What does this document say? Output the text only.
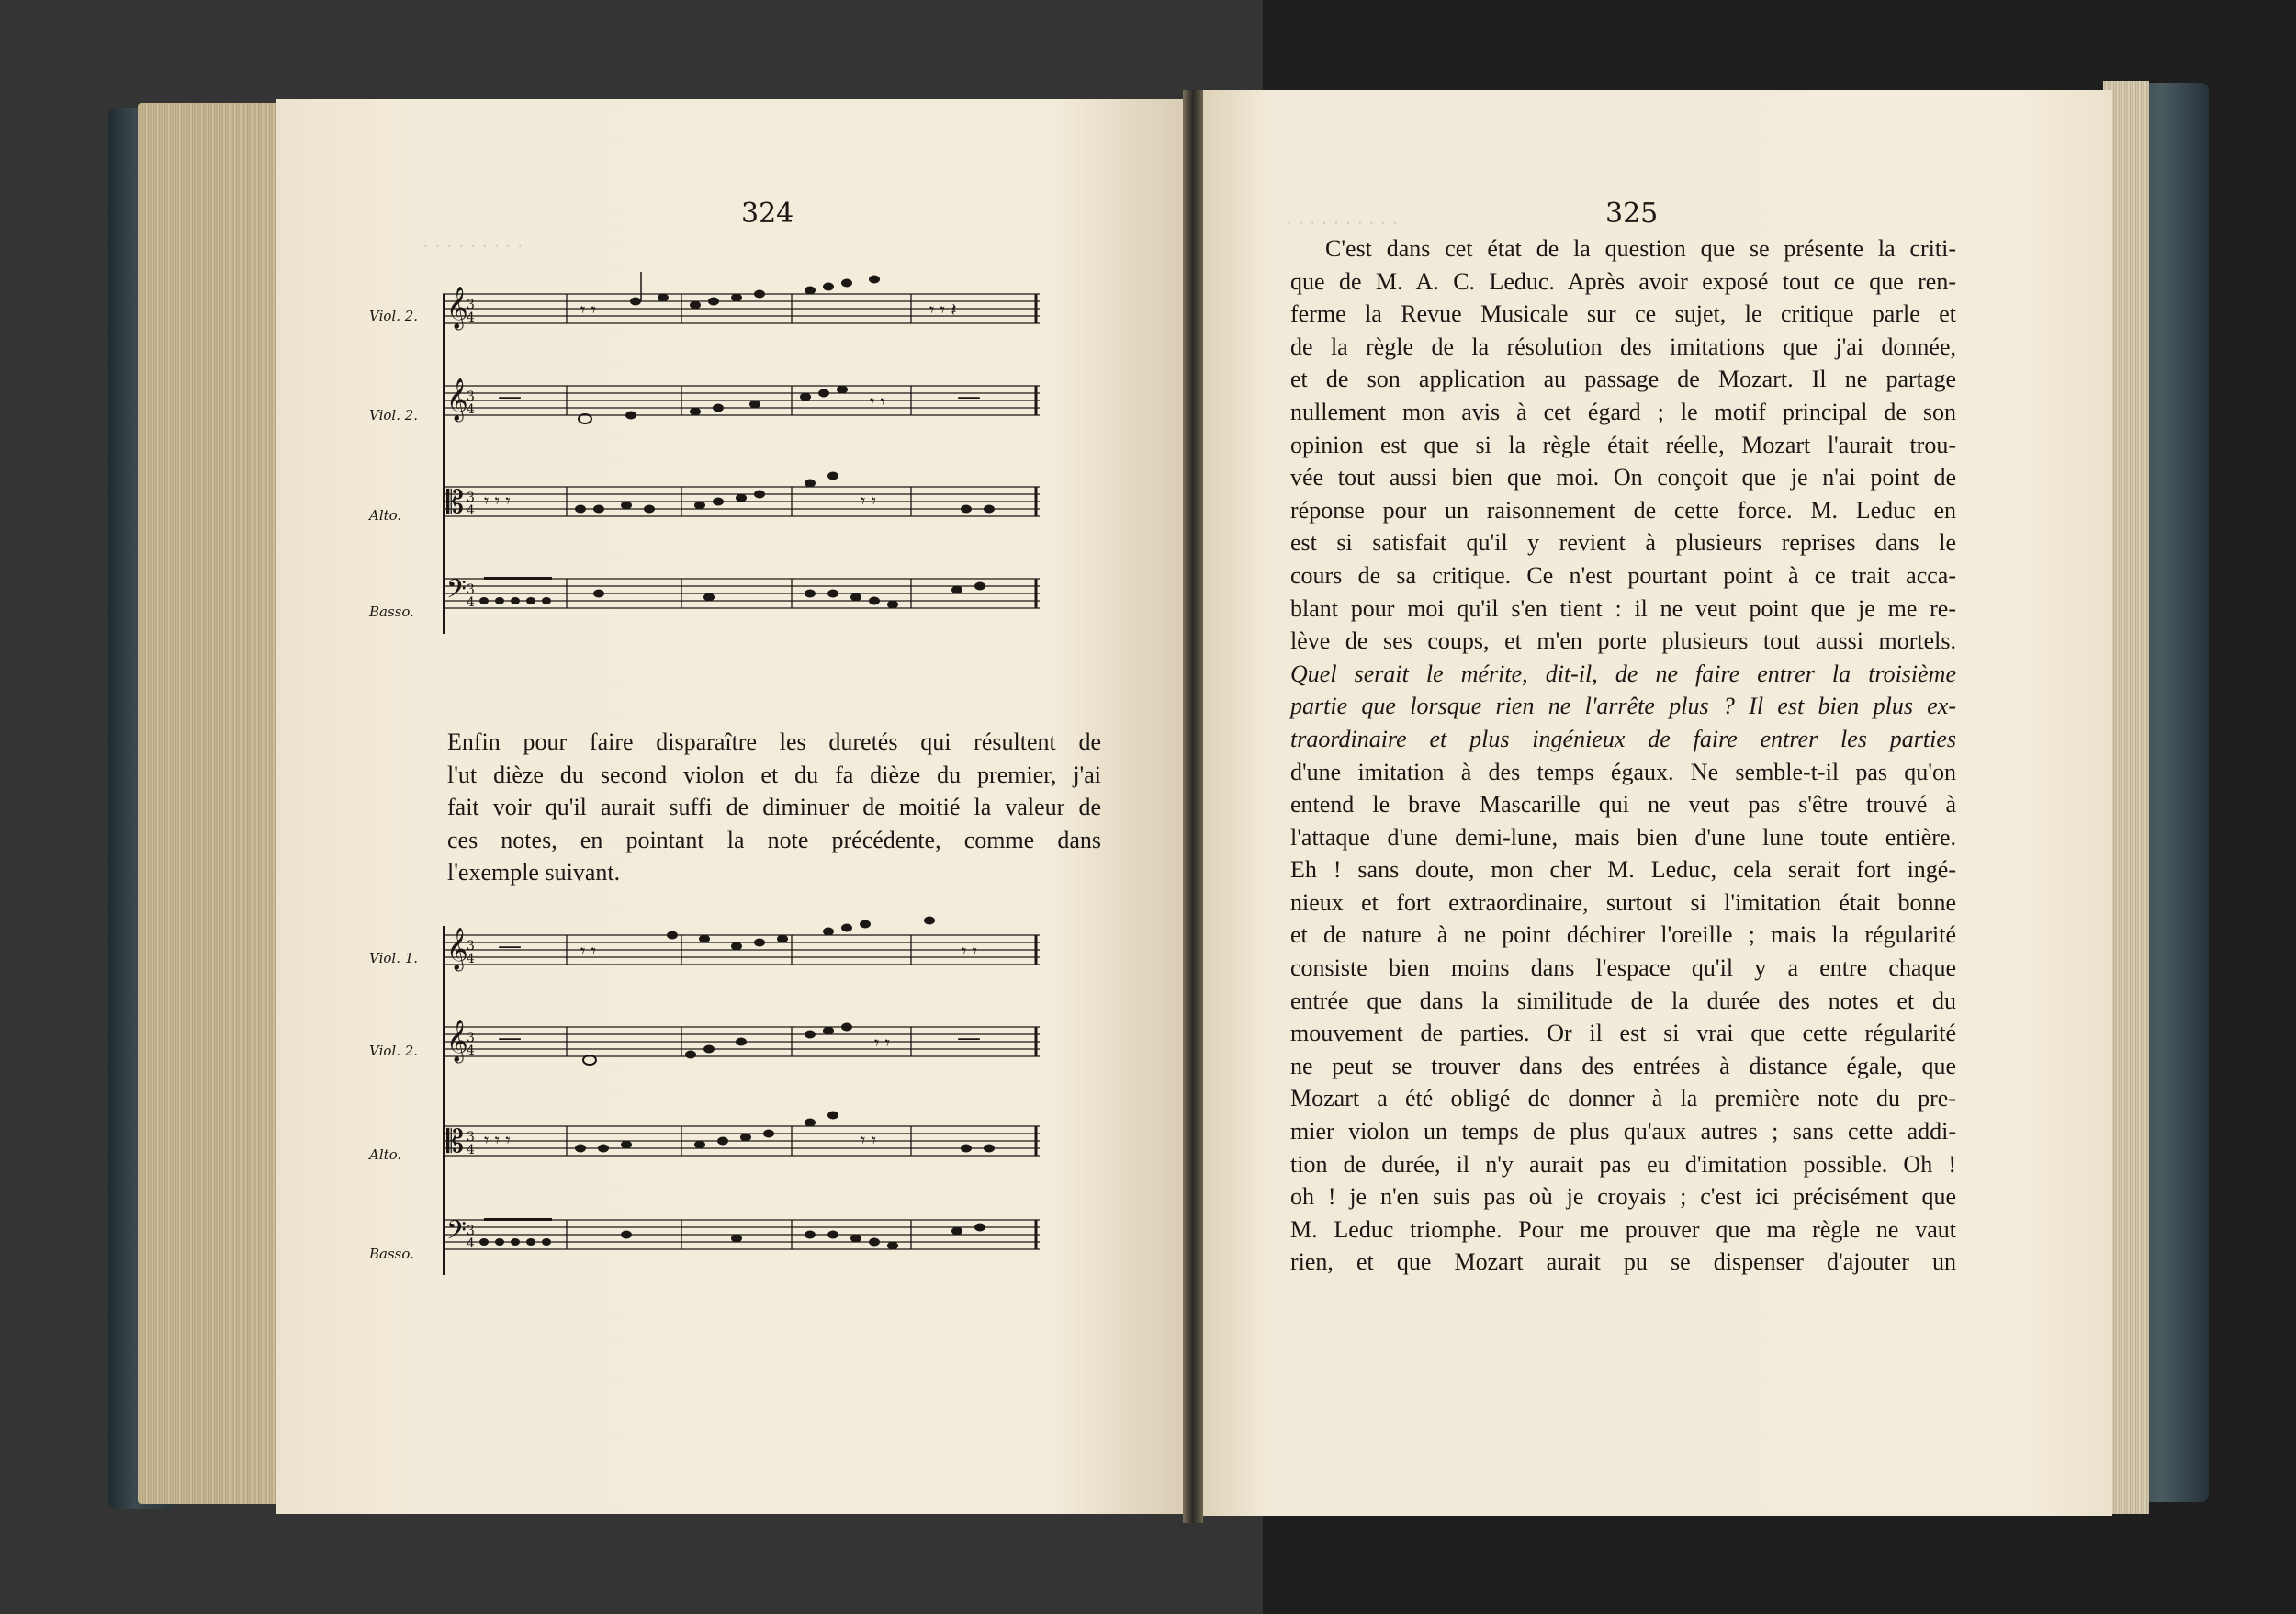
· · · · · · · · ·
· · · · · · · · · ·
324	325
Viol. 2.
Viol. 2.
Alto.
Basso.
𝄞
3
4
𝄞
3
4
𝄡 3
4
𝄢 3
4
𝄾 𝄾	𝄾 𝄾 𝄽
—	𝄾 𝄾	—
𝄾 𝄾 𝄾	𝄾 𝄾

Enfin pour faire disparaître les duretés qui résultent de

l'ut dièze du second violon et du fa dièze du premier, j'ai

fait voir qu'il aurait suffi de diminuer de moitié la valeur de

ces notes, en pointant la note précédente, comme dans

l'exemple suivant.

Viol. 1.
Viol. 2.
Alto.
Basso.
𝄞
3
4
𝄞
3
4
𝄡 3
4
𝄢 3
4
—	𝄾 𝄾	𝄾 𝄾
—	𝄾 𝄾	—
𝄾 𝄾 𝄾	𝄾 𝄾
C'est dans cet état de la question que se présente la criti-
que de M. A. C. Leduc. Après avoir exposé tout ce que ren-
ferme la Revue Musicale sur ce sujet, le critique parle et
de la règle de la résolution des imitations que j'ai donnée,
et de son application au passage de Mozart. Il ne partage
nullement mon avis à cet égard ; le motif principal de son
opinion est que si la règle était réelle, Mozart l'aurait trou-
vée tout aussi bien que moi. On conçoit que je n'ai point de
réponse pour un raisonnement de cette force. M. Leduc en
est si satisfait qu'il y revient à plusieurs reprises dans le
cours de sa critique. Ce n'est pourtant point à ce trait acca-
blant pour moi qu'il s'en tient : il ne veut point que je me re-
lève de ses coups, et m'en porte plusieurs tout aussi mortels.
Quel serait le mérite, dit-il, de ne faire entrer la troisième
partie que lorsque rien ne l'arrête plus ? Il est bien plus ex-
traordinaire et plus ingénieux de faire entrer les parties
d'une imitation à des temps égaux. Ne semble-t-il pas qu'on
entend le brave Mascarille qui ne veut pas s'être trouvé à
l'attaque d'une demi-lune, mais bien d'une lune toute entière.
Eh ! sans doute, mon cher M. Leduc, cela serait fort ingé-
nieux et fort extraordinaire, surtout si l'imitation était bonne
et de nature à ne point déchirer l'oreille ; mais la régularité
consiste bien moins dans l'espace qu'il y a entre chaque
entrée que dans la similitude de la durée des notes et du
mouvement de parties. Or il est si vrai que cette régularité
ne peut se trouver dans des entrées à distance égale, que
Mozart a été obligé de donner à la première note du pre-
mier violon un temps de plus qu'aux autres ; sans cette addi-
tion de durée, il n'y aurait pas eu d'imitation possible. Oh !
oh ! je n'en suis pas où je croyais ; c'est ici précisément que
M. Leduc triomphe. Pour me prouver que ma règle ne vaut
rien, et que Mozart aurait pu se dispenser d'ajouter un
